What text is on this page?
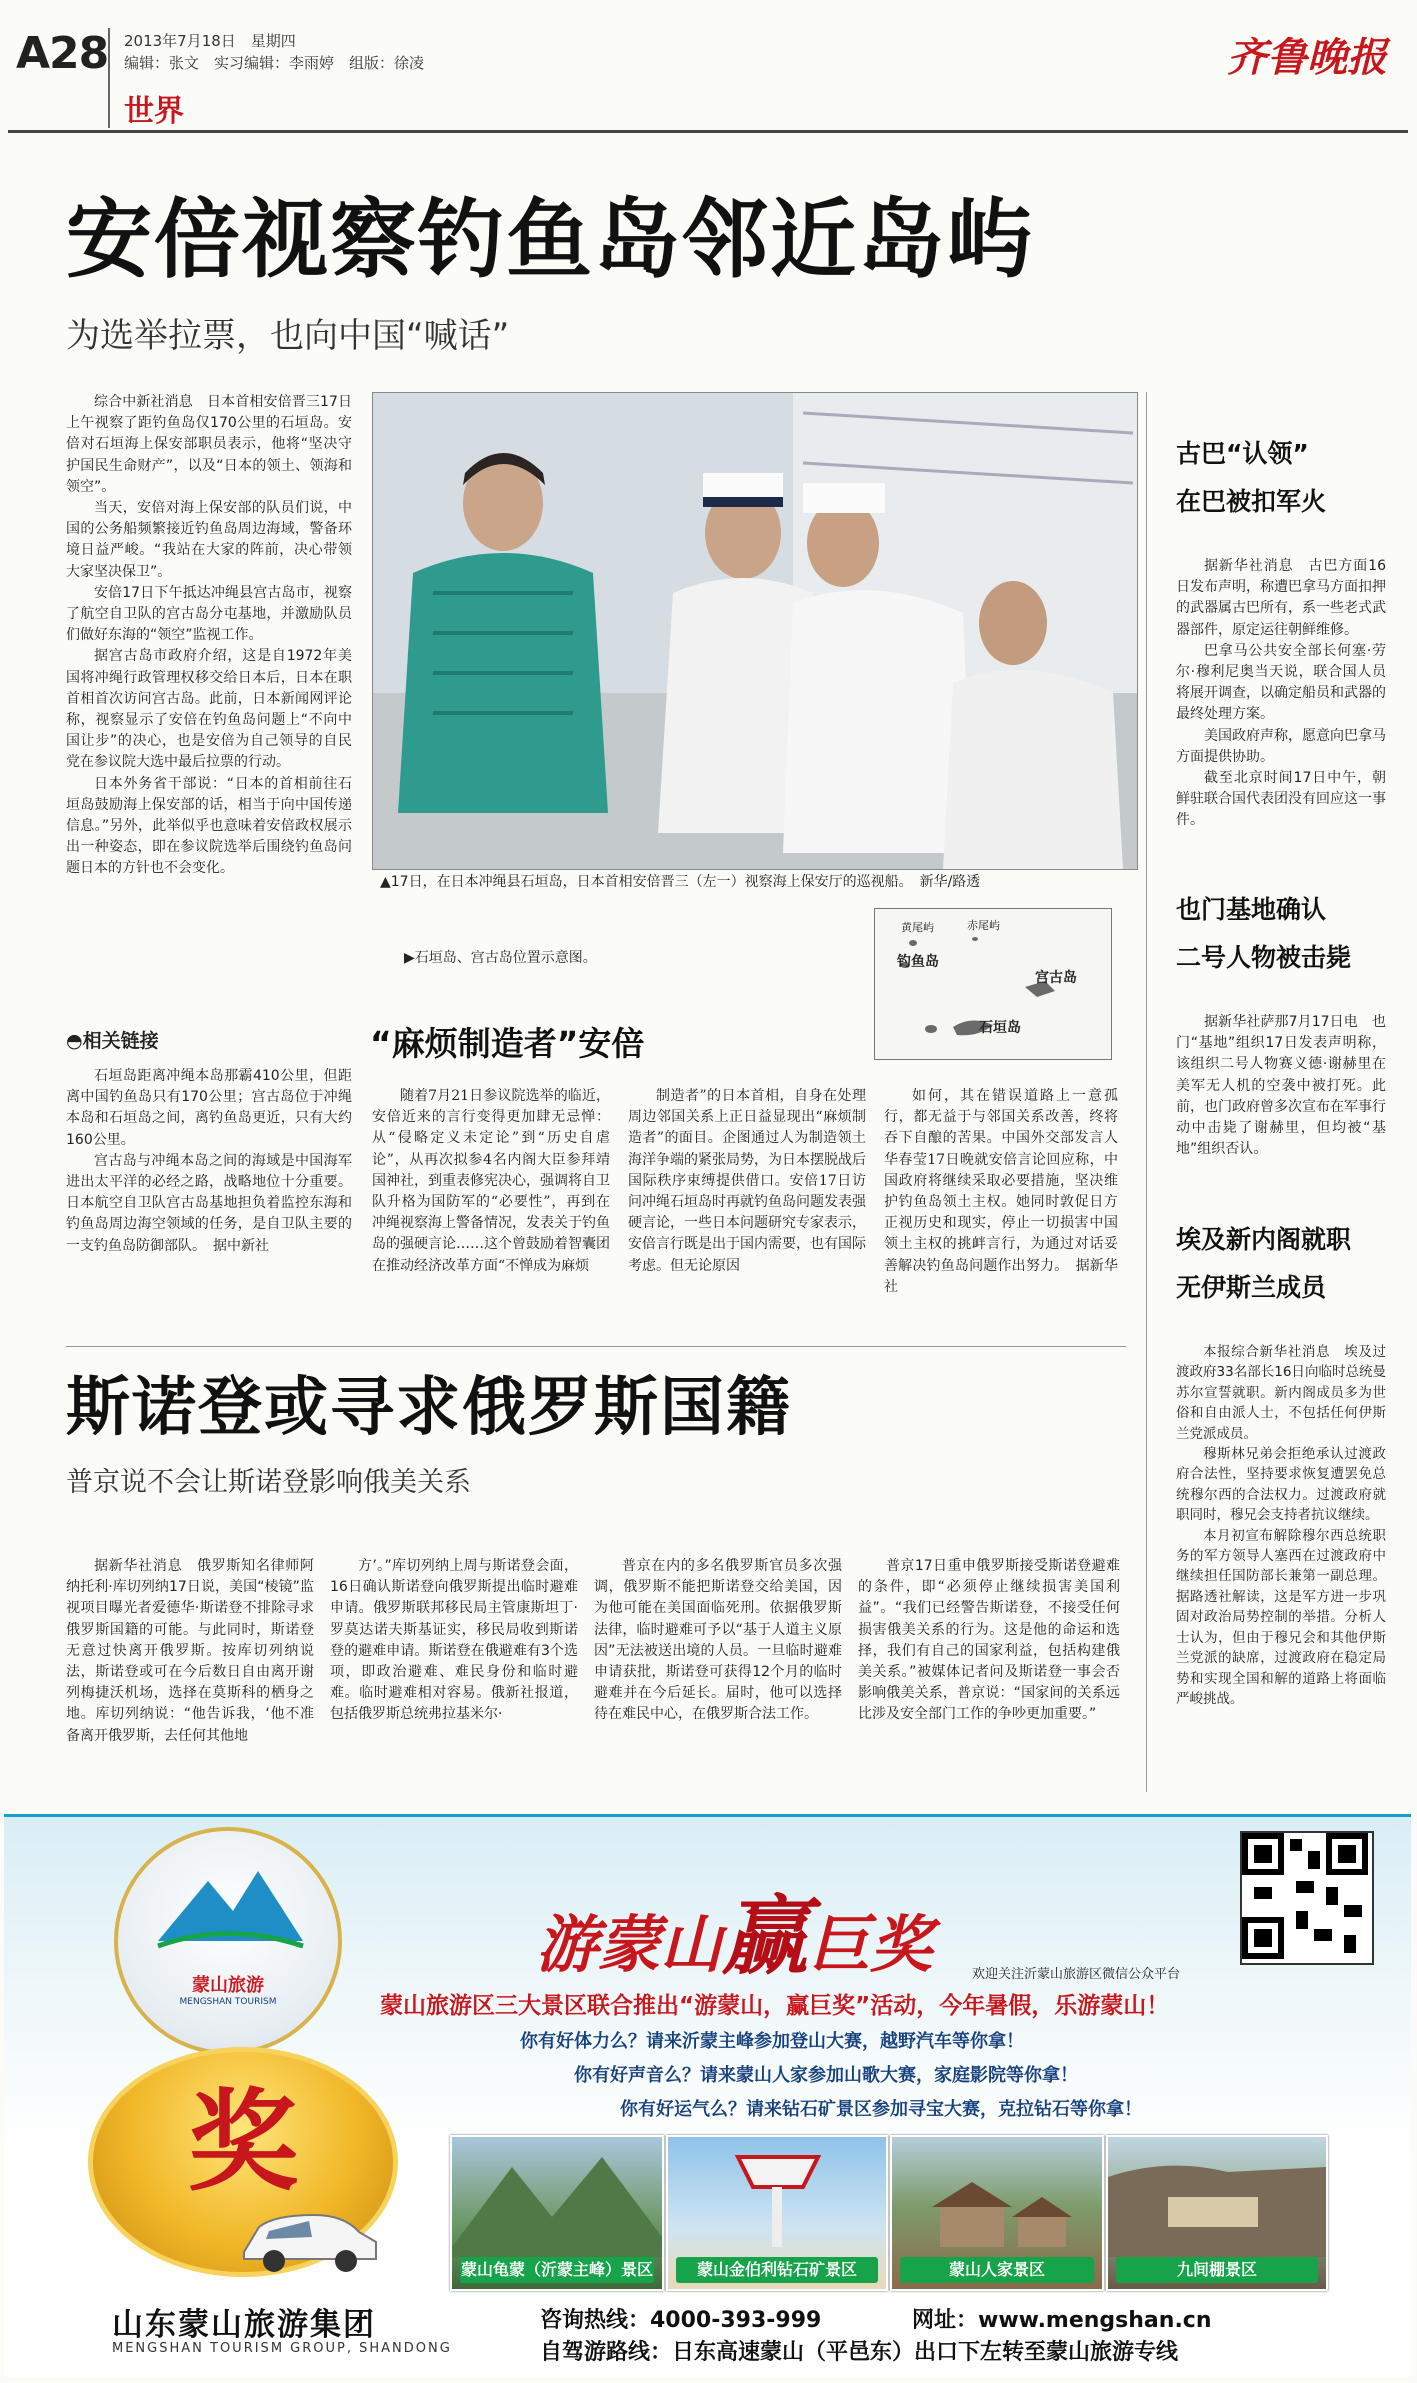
A28 2013年7月18日　星期四
编辑：张文　实习编辑：李雨婷　组版：徐凌
世界
齐鲁晚报
安倍视察钓鱼岛邻近岛屿
为选举拉票，也向中国“喊话”

综合中新社消息　日本首相安倍晋三17日上午视察了距钓鱼岛仅170公里的石垣岛。安倍对石垣海上保安部职员表示，他将“坚决守护国民生命财产”，以及“日本的领土、领海和领空”。

当天，安倍对海上保安部的队员们说，中国的公务船频繁接近钓鱼岛周边海域，警备环境日益严峻。“我站在大家的阵前，决心带领大家坚决保卫”。

安倍17日下午抵达冲绳县宫古岛市，视察了航空自卫队的宫古岛分屯基地，并激励队员们做好东海的“领空”监视工作。

据宫古岛市政府介绍，这是自1972年美国将冲绳行政管理权移交给日本后，日本在职首相首次访问宫古岛。此前，日本新闻网评论称，视察显示了安倍在钓鱼岛问题上“不向中国让步”的决心，也是安倍为自己领导的自民党在参议院大选中最后拉票的行动。

日本外务省干部说：“日本的首相前往石垣岛鼓励海上保安部的话，相当于向中国传递信息。”另外，此举似乎也意味着安倍政权展示出一种姿态，即在参议院选举后围绕钓鱼岛问题日本的方针也不会变化。

◓相关链接

石垣岛距离冲绳本岛那霸410公里，但距离中国钓鱼岛只有170公里；宫古岛位于冲绳本岛和石垣岛之间，离钓鱼岛更近，只有大约160公里。

宫古岛与冲绳本岛之间的海域是中国海军进出太平洋的必经之路，战略地位十分重要。日本航空自卫队宫古岛基地担负着监控东海和钓鱼岛周边海空领域的任务，是自卫队主要的一支钓鱼岛防御部队。　据中新社

▲17日，在日本冲绳县石垣岛，日本首相安倍晋三（左一）视察海上保安厅的巡视船。　新华/路透
▶石垣岛、宫古岛位置示意图。
黄尾屿	赤尾屿
钓鱼岛
宫古岛
石垣岛
“麻烦制造者”安倍

随着7月21日参议院选举的临近，安倍近来的言行变得更加肆无忌惮：从“侵略定义未定论”到“历史自虐论”，从再次拟参4名内阁大臣参拜靖国神社，到重表修宪决心，强调将自卫队升格为国防军的“必要性”，再到在冲绳视察海上警备情况，发表关于钓鱼岛的强硬言论……这个曾鼓励着智囊团在推动经济改革方面“不惮成为麻烦

制造者”的日本首相，自身在处理周边邻国关系上正日益显现出“麻烦制造者”的面目。企图通过人为制造领土海洋争端的紧张局势，为日本摆脱战后国际秩序束缚提供借口。安倍17日访问冲绳石垣岛时再就钓鱼岛问题发表强硬言论，一些日本问题研究专家表示，安倍言行既是出于国内需要，也有国际考虑。但无论原因

如何，其在错误道路上一意孤行，都无益于与邻国关系改善，终将吞下自酿的苦果。中国外交部发言人华春莹17日晚就安倍言论回应称，中国政府将继续采取必要措施，坚决维护钓鱼岛领土主权。她同时敦促日方正视历史和现实，停止一切损害中国领土主权的挑衅言行，为通过对话妥善解决钓鱼岛问题作出努力。　据新华社

古巴“认领”
在巴被扣军火

据新华社消息　古巴方面16日发布声明，称遭巴拿马方面扣押的武器属古巴所有，系一些老式武器部件，原定运往朝鲜维修。

巴拿马公共安全部长何塞·劳尔·穆利尼奥当天说，联合国人员将展开调查，以确定船员和武器的最终处理方案。

美国政府声称，愿意向巴拿马方面提供协助。

截至北京时间17日中午，朝鲜驻联合国代表团没有回应这一事件。

也门基地确认
二号人物被击毙

据新华社萨那7月17日电　也门“基地”组织17日发表声明称，该组织二号人物赛义德·谢赫里在美军无人机的空袭中被打死。此前，也门政府曾多次宣布在军事行动中击毙了谢赫里，但均被“基地”组织否认。

埃及新内阁就职
无伊斯兰成员

本报综合新华社消息　埃及过渡政府33名部长16日向临时总统曼苏尔宣誓就职。新内阁成员多为世俗和自由派人士，不包括任何伊斯兰党派成员。

穆斯林兄弟会拒绝承认过渡政府合法性，坚持要求恢复遭罢免总统穆尔西的合法权力。过渡政府就职同时，穆兄会支持者抗议继续。

本月初宣布解除穆尔西总统职务的军方领导人塞西在过渡政府中继续担任国防部长兼第一副总理。据路透社解读，这是军方进一步巩固对政治局势控制的举措。分析人士认为，但由于穆兄会和其他伊斯兰党派的缺席，过渡政府在稳定局势和实现全国和解的道路上将面临严峻挑战。

斯诺登或寻求俄罗斯国籍
普京说不会让斯诺登影响俄美关系

据新华社消息　俄罗斯知名律师阿纳托利·库切列纳17日说，美国“棱镜”监视项目曝光者爱德华·斯诺登不排除寻求俄罗斯国籍的可能。与此同时，斯诺登无意过快离开俄罗斯。按库切列纳说法，斯诺登或可在今后数日自由离开谢列梅捷沃机场，选择在莫斯科的栖身之地。库切列纳说：“他告诉我，‘他不准备离开俄罗斯，去任何其他地

方’。”库切列纳上周与斯诺登会面，16日确认斯诺登向俄罗斯提出临时避难申请。俄罗斯联邦移民局主管康斯坦丁·罗莫达诺夫斯基证实，移民局收到斯诺登的避难申请。斯诺登在俄避难有3个选项，即政治避难、难民身份和临时避难。临时避难相对容易。俄新社报道，包括俄罗斯总统弗拉基米尔·

普京在内的多名俄罗斯官员多次强调，俄罗斯不能把斯诺登交给美国，因为他可能在美国面临死刑。依据俄罗斯法律，临时避难可予以“基于人道主义原因”无法被送出境的人员。一旦临时避难申请获批，斯诺登可获得12个月的临时避难并在今后延长。届时，他可以选择待在难民中心，在俄罗斯合法工作。

普京17日重申俄罗斯接受斯诺登避难的条件，即“必须停止继续损害美国利益”。“我们已经警告斯诺登，不接受任何损害俄美关系的行为。这是他的命运和选择，我们有自己的国家利益，包括构建俄美关系。”被媒体记者问及斯诺登一事会否影响俄美关系，普京说：“国家间的关系远比涉及安全部门工作的争吵更加重要。”

蒙山旅游
MENGSHAN TOURISM
奖
游蒙山赢巨奖	欢迎关注沂蒙山旅游区微信公众平台
蒙山旅游区三大景区联合推出“游蒙山，赢巨奖”活动，今年暑假，乐游蒙山！
你有好体力么？请来沂蒙主峰参加登山大赛，越野汽车等你拿！
你有好声音么？请来蒙山人家参加山歌大赛，家庭影院等你拿！
你有好运气么？请来钻石矿景区参加寻宝大赛，克拉钻石等你拿！
蒙山龟蒙（沂蒙主峰）景区	蒙山金伯利钻石矿景区	蒙山人家景区	九间棚景区
山东蒙山旅游集团
MENGSHAN TOURISM GROUP, SHANDONG
咨询热线：4000-393-999	网址：www.mengshan.cn
自驾游路线：日东高速蒙山（平邑东）出口下左转至蒙山旅游专线
